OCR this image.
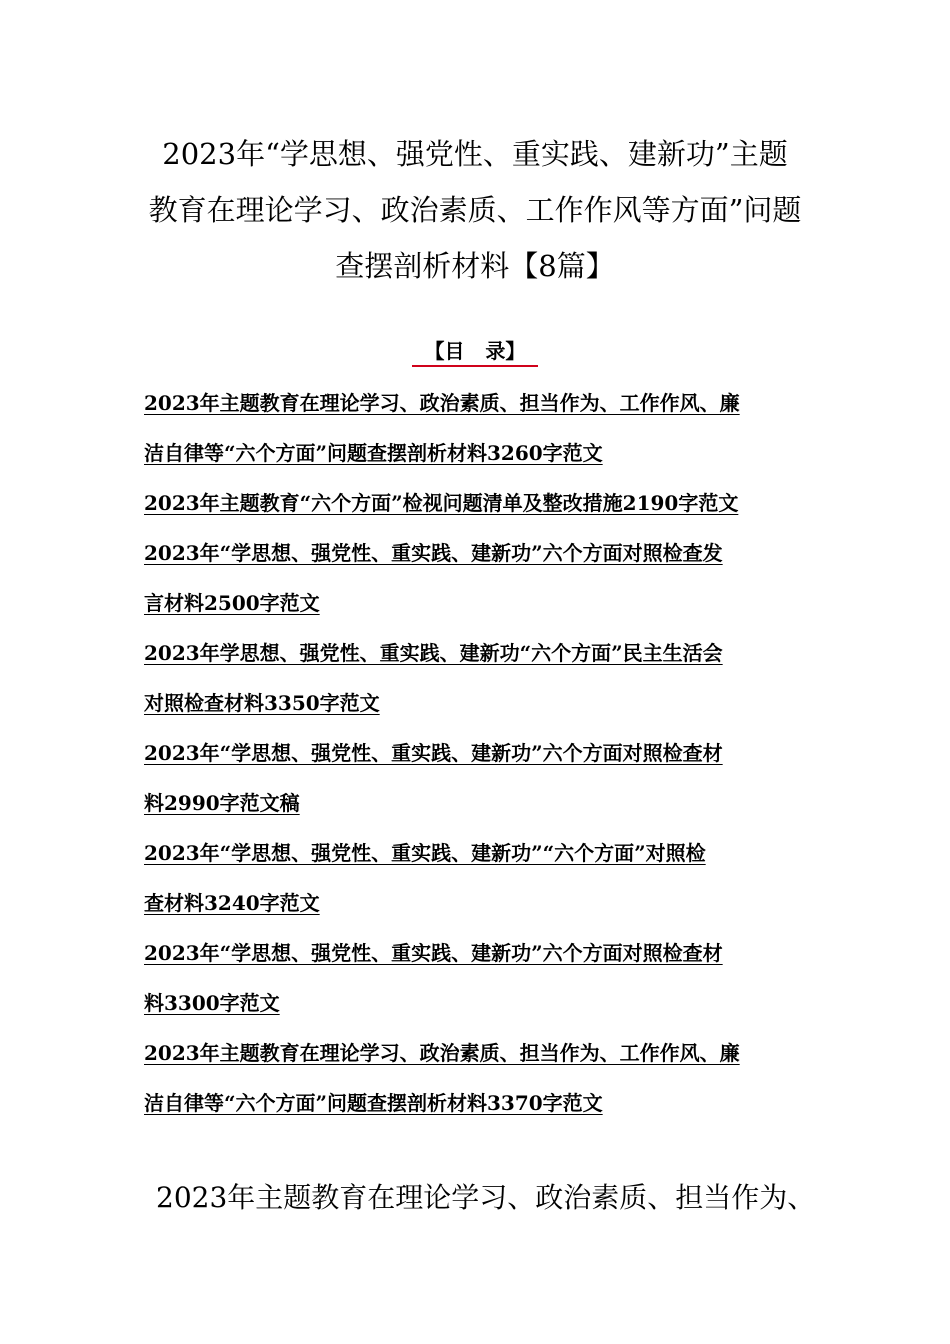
2023年“学思想、强党性、重实践、建新功”主题
教育在理论学习、政治素质、工作作风等方面”问题
查摆剖析材料【8篇】
【目   录】
2023年主题教育在理论学习、政治素质、担当作为、工作作风、廉
洁自律等“六个方面”问题查摆剖析材料3260字范文
2023年主题教育“六个方面”检视问题清单及整改措施2190字范文
2023年“学思想、强党性、重实践、建新功”六个方面对照检查发
言材料2500字范文
2023年学思想、强党性、重实践、建新功“六个方面”民主生活会
对照检查材料3350字范文
2023年“学思想、强党性、重实践、建新功”六个方面对照检查材
料2990字范文稿
2023年“学思想、强党性、重实践、建新功”“六个方面”对照检
查材料3240字范文
2023年“学思想、强党性、重实践、建新功”六个方面对照检查材
料3300字范文
2023年主题教育在理论学习、政治素质、担当作为、工作作风、廉
洁自律等“六个方面”问题查摆剖析材料3370字范文
2023年主题教育在理论学习、政治素质、担当作为、
